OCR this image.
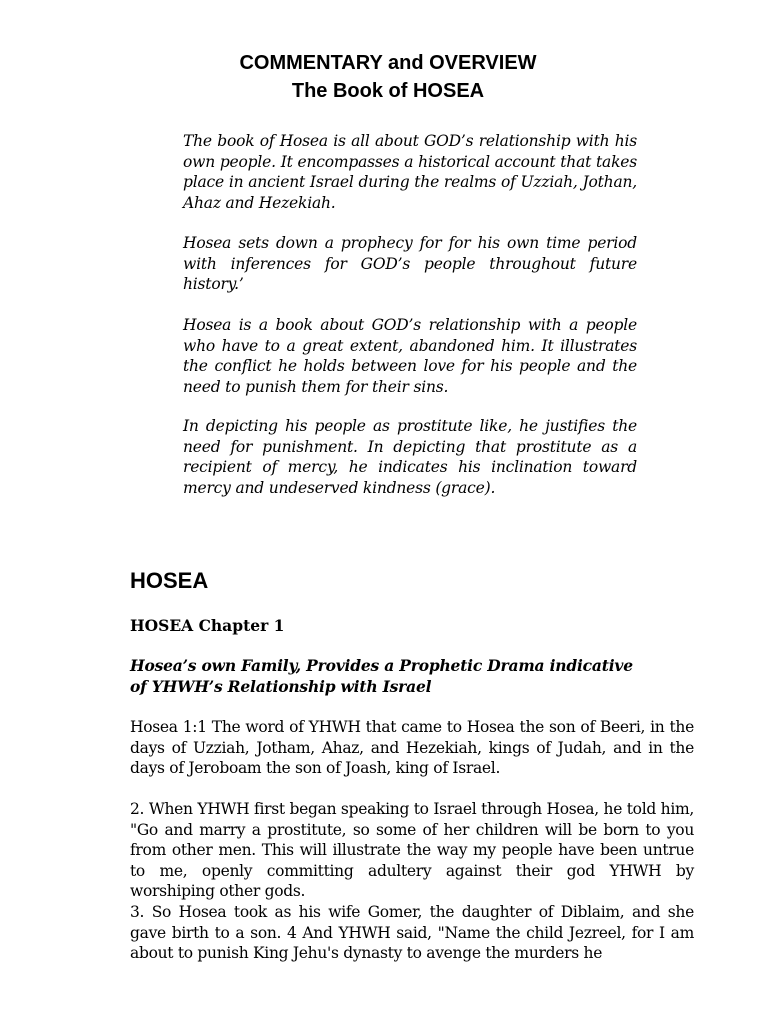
COMMENTARY and OVERVIEW
The Book of HOSEA

The book of Hosea is all about GOD’s relationship with his own people. It encompasses a historical account that takes place in ancient Israel during the realms of Uzziah, Jothan, Ahaz and Hezekiah.

Hosea sets down a prophecy for for his own time period with inferences for GOD’s people throughout future history.’

Hosea is a book about GOD’s relationship with a people who have to a great extent, abandoned him. It illustrates the conflict he holds between love for his people and the need to punish them for their sins.

In depicting his people as prostitute like, he justifies the need for punishment. In depicting that prostitute as a recipient of mercy, he indicates his inclination toward mercy and undeserved kindness (grace).

HOSEA
HOSEA Chapter 1

Hosea’s own Family, Provides a Prophetic Drama indicative of YHWH’s Relationship with Israel

Hosea 1:1 The word of YHWH that came to Hosea the son of Beeri, in the days of Uzziah, Jotham, Ahaz, and Hezekiah, kings of Judah, and in the days of Jeroboam the son of Joash, king of Israel.

2. When YHWH first began speaking to Israel through Hosea, he told him, "Go and marry a prostitute, so some of her children will be born to you from other men. This will illustrate the way my people have been untrue to me, openly committing adultery against their god YHWH by worshiping other gods.

3. So Hosea took as his wife Gomer, the daughter of Diblaim, and she gave birth to a son. 4 And YHWH said, "Name the child Jezreel, for I am about to punish King Jehu's dynasty to avenge the murders he
